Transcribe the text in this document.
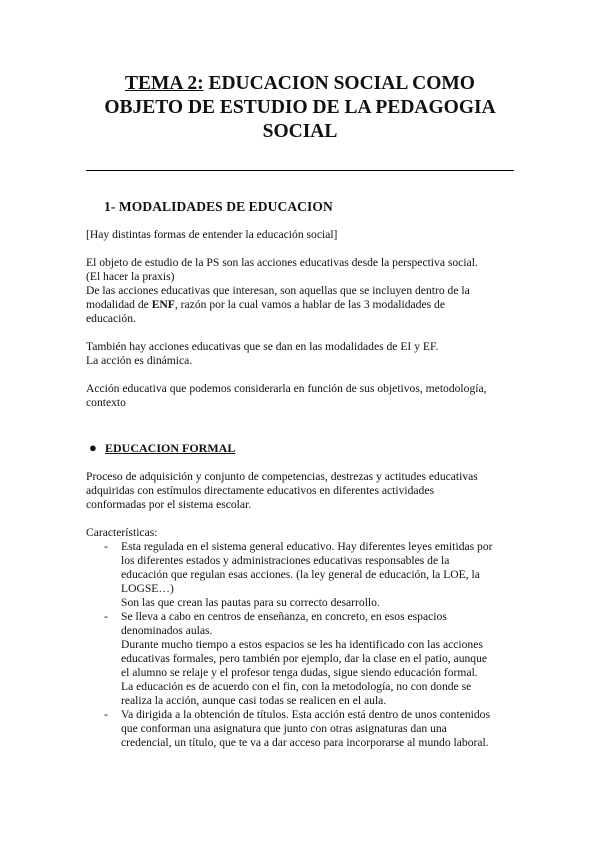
TEMA 2: EDUCACION SOCIAL COMO
OBJETO DE ESTUDIO DE LA PEDAGOGIA
SOCIAL
1- MODALIDADES DE EDUCACION

[Hay distintas formas de entender la educación social]

El objeto de estudio de la PS son las acciones educativas desde la perspectiva social.

(El hacer la praxis)

De las acciones educativas que interesan, son aquellas que se incluyen dentro de la

modalidad de ENF, razón por la cual vamos a hablar de las 3 modalidades de

educación.

También hay acciones educativas que se dan en las modalidades de EI y EF.

La acción es dinámica.

Acción educativa que podemos considerarla en función de sus objetivos, metodología,

contexto

● EDUCACION FORMAL

Proceso de adquisición y conjunto de competencias, destrezas y actitudes educativas

adquiridas con estímulos directamente educativos en diferentes actividades

conformadas por el sistema escolar.

Características:

- Esta regulada en el sistema general educativo. Hay diferentes leyes emitidas por

los diferentes estados y administraciones educativas responsables de la

educación que regulan esas acciones. (la ley general de educación, la LOE, la

LOGSE…)

Son las que crean las pautas para su correcto desarrollo.

- Se lleva a cabo en centros de enseñanza, en concreto, en esos espacios

denominados aulas.

Durante mucho tiempo a estos espacios se les ha identificado con las acciones

educativas formales, pero también por ejemplo, dar la clase en el patio, aunque

el alumno se relaje y el profesor tenga dudas, sigue siendo educación formal.

La educación es de acuerdo con el fin, con la metodología, no con donde se

realiza la acción, aunque casi todas se realicen en el aula.

- Va dirigida a la obtención de títulos. Esta acción está dentro de unos contenidos

que conforman una asignatura que junto con otras asignaturas dan una

credencial, un título, que te va a dar acceso para incorporarse al mundo laboral.
